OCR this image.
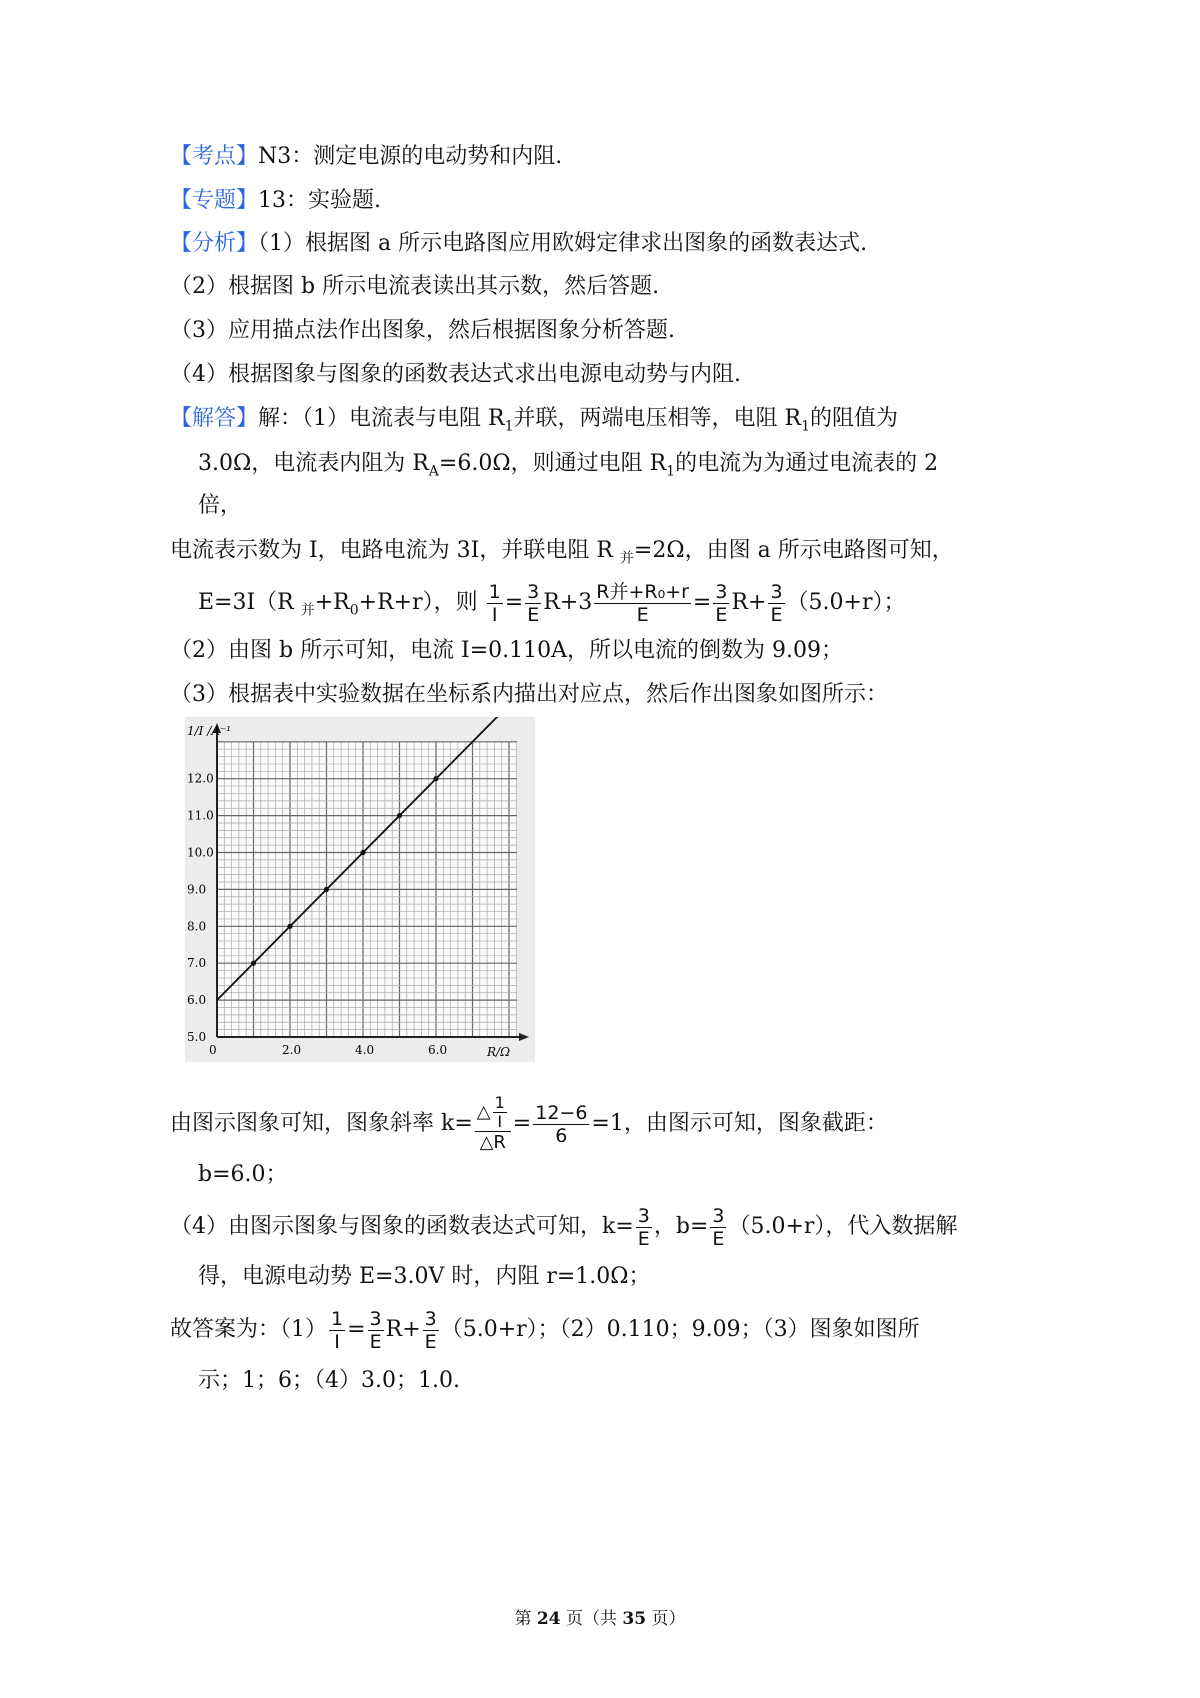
【考点】N3：测定电源的电动势和内阻.
【专题】13：实验题.
【分析】（1）根据图 a 所示电路图应用欧姆定律求出图象的函数表达式.
（2）根据图 b 所示电流表读出其示数，然后答题.
（3）应用描点法作出图象，然后根据图象分析答题.
（4）根据图象与图象的函数表达式求出电源电动势与内阻.
【解答】解：（1）电流表与电阻 $R_1$并联，两端电压相等，电阻 $R_1$的阻值为
3.0Ω，电流表内阻为 $R_A=6.0\Omega$，则通过电阻 $R_1$的电流为为通过电流表的 2
倍，
电流表示数为 I，电路电流为 3I，并联电阻 R $_并$=2Ω，由图 a 所示电路图可知，
E=3I（R $_并+R_0+R+r$），则 $\frac{1}{I} = \frac{3}{E} R+3 \frac{\text{R并+R₀+r}}{E} = \frac{3}{E} R+ \frac{3}{E} (5.0+r)$；
（2）由图 b 所示可知，电流 I=0.110A，所以电流的倒数为 9.09；
（3）根据表中实验数据在坐标系内描出对应点，然后作出图象如图所示：
0	2.0	4.0	6.0
5.0
6.0
7.0
8.0
9.0
10.0
11.0
12.0
1/I /A⁻¹
R/Ω
由图示图象可知，图象斜率 $k= \frac{\triangle \frac{1}{I}}{\triangle R} = \frac{12-6}{6} =1$，由图示可知，图象截距：
b=6.0；
（4）由图示图象与图象的函数表达式可知，$k= \frac{3}{E}$ ，$b= \frac{3}{E} (5.0+r)$，代入数据解
得，电源电动势 E=3.0V 时，内阻 r=1.0Ω；
故答案为：$(1) \frac{1}{I} = \frac{3}{E} R+ \frac{3}{E} (5.0+r)$；（2）0.110；9.09；（3）图象如图所
示；1；6；（4）3.0；1.0.
第 24 页（共 35 页）
